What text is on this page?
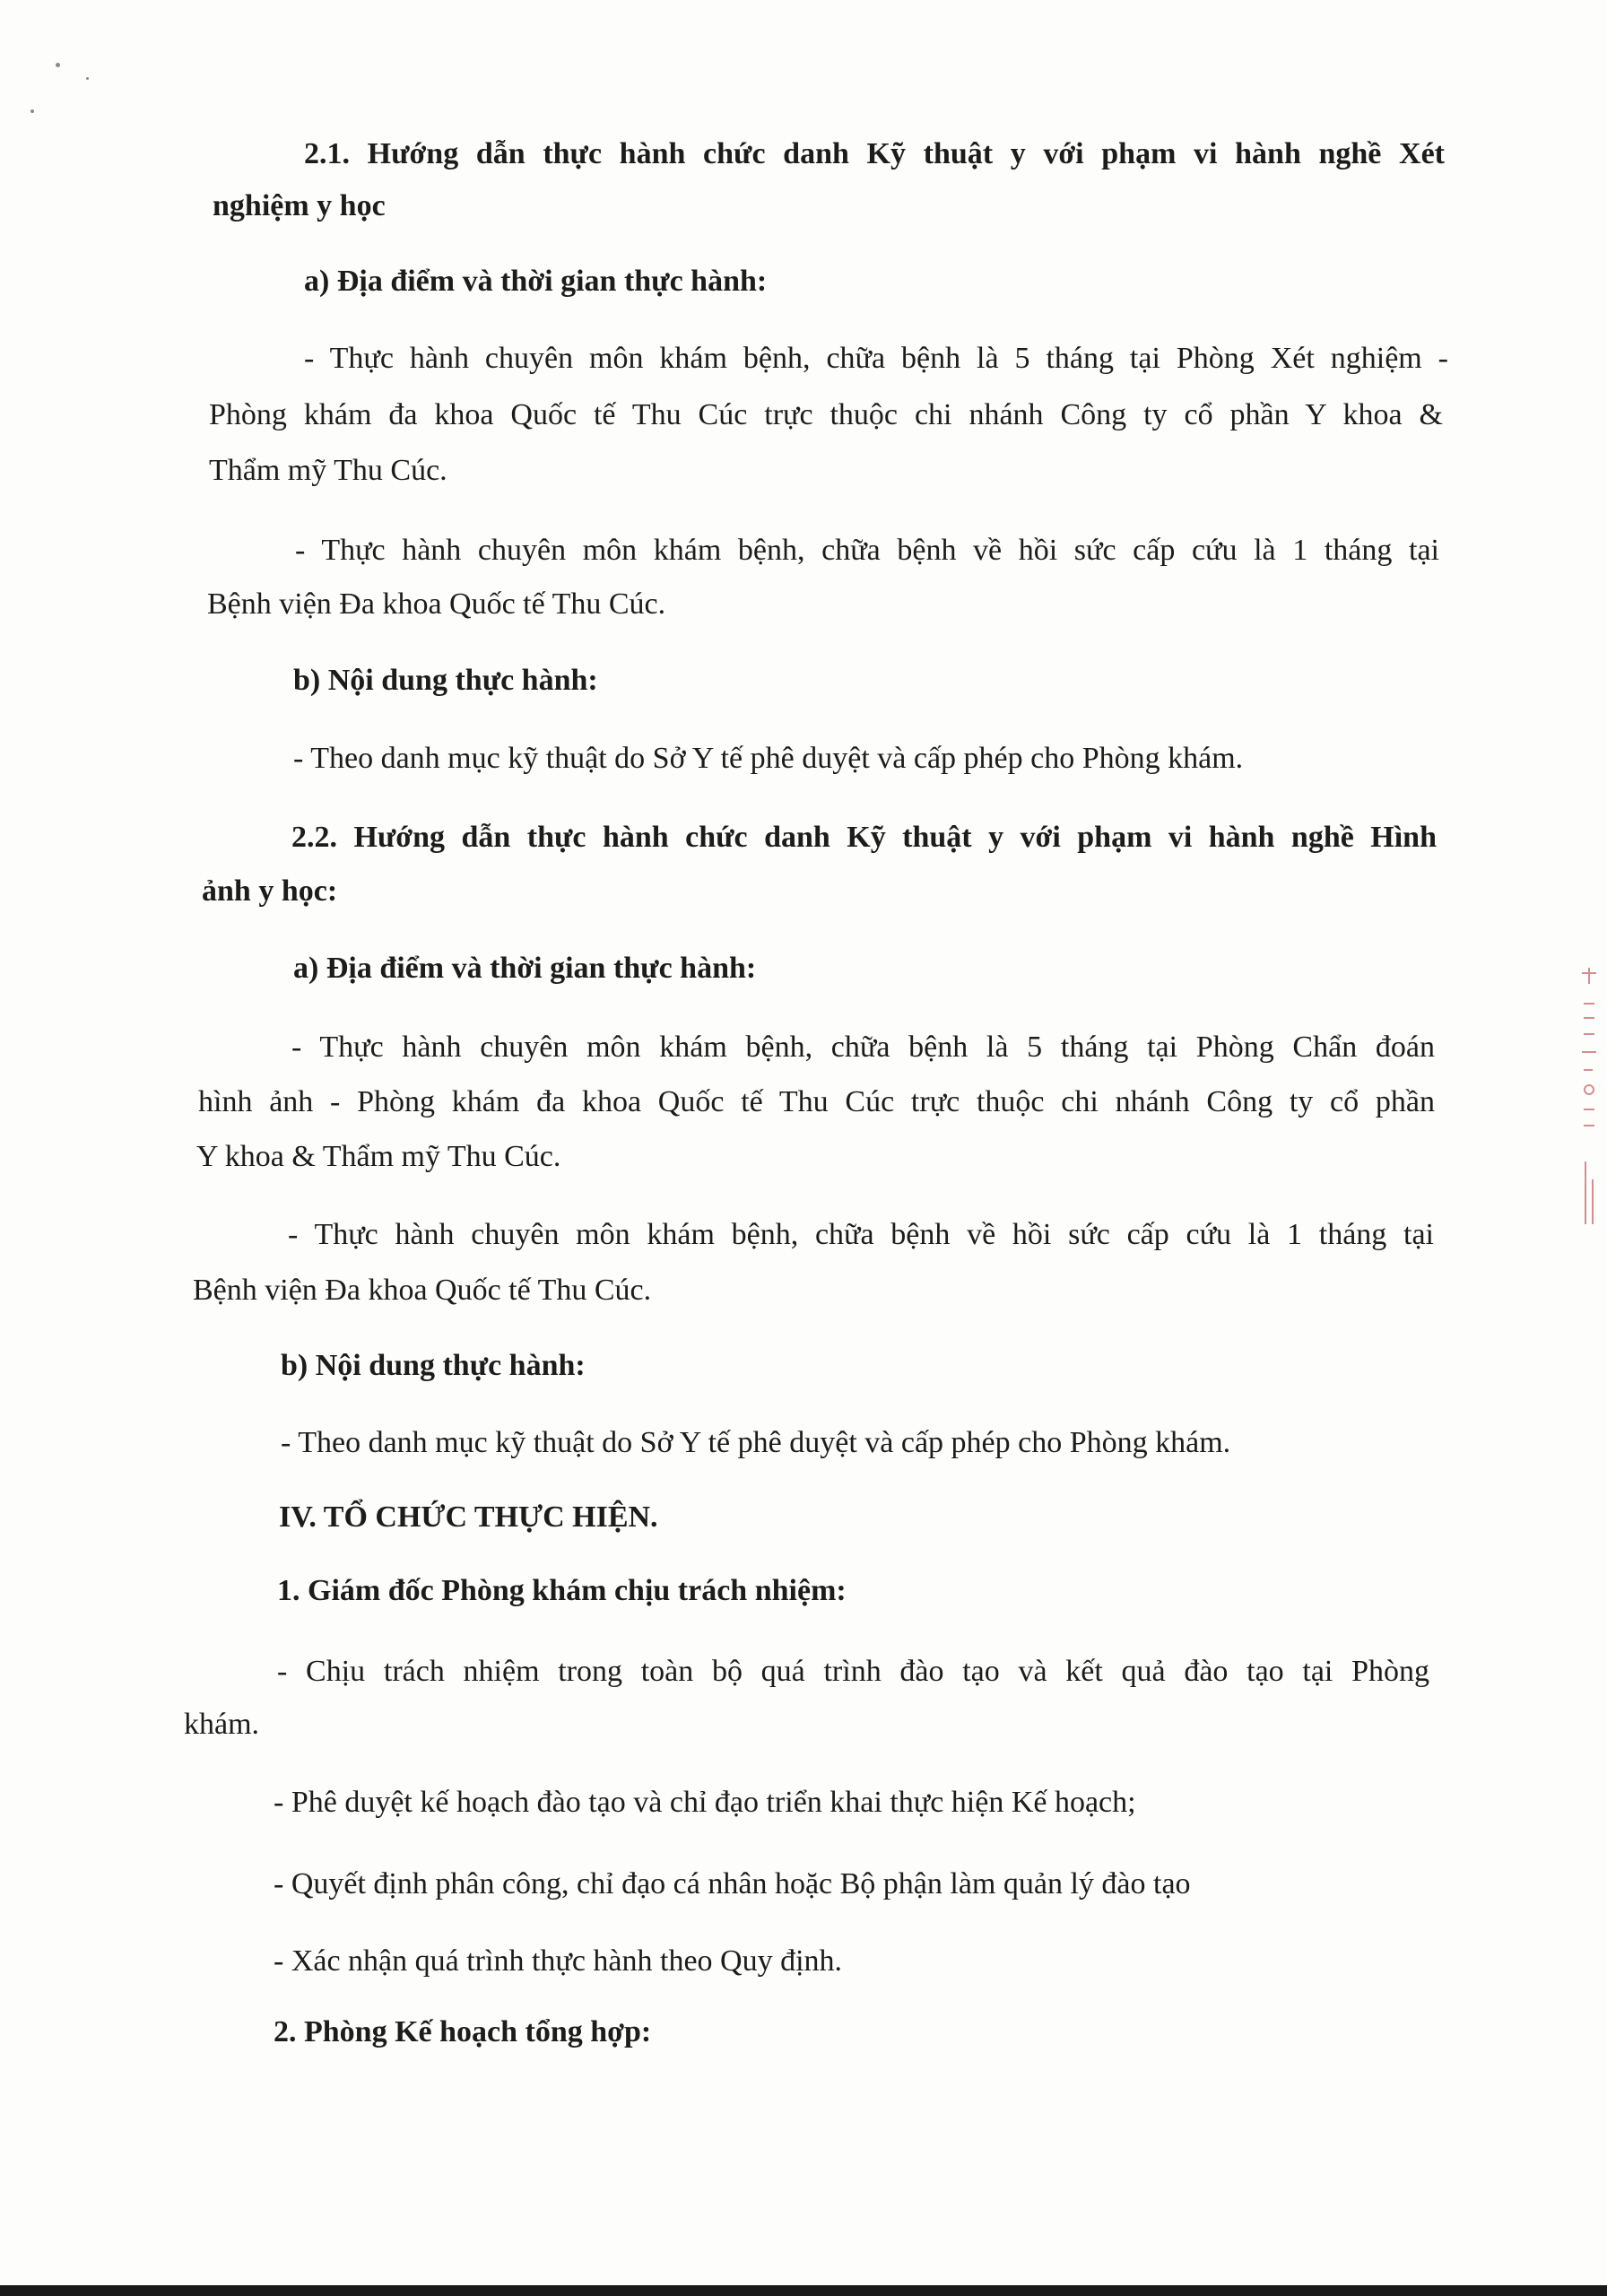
2.1. Hướng dẫn thực hành chức danh Kỹ thuật y với phạm vi hành nghề Xét
nghiệm y học
a) Địa điểm và thời gian thực hành:
- Thực hành chuyên môn khám bệnh, chữa bệnh là 5 tháng tại Phòng Xét nghiệm -
Phòng khám đa khoa Quốc tế Thu Cúc trực thuộc chi nhánh Công ty cổ phần Y khoa &
Thẩm mỹ Thu Cúc.
- Thực hành chuyên môn khám bệnh, chữa bệnh về hồi sức cấp cứu là 1 tháng tại
Bệnh viện Đa khoa Quốc tế Thu Cúc.
b) Nội dung thực hành:
- Theo danh mục kỹ thuật do Sở Y tế phê duyệt và cấp phép cho Phòng khám.
2.2. Hướng dẫn thực hành chức danh Kỹ thuật y với phạm vi hành nghề Hình
ảnh y học:
a) Địa điểm và thời gian thực hành:
- Thực hành chuyên môn khám bệnh, chữa bệnh là 5 tháng tại Phòng Chẩn đoán
hình ảnh - Phòng khám đa khoa Quốc tế Thu Cúc trực thuộc chi nhánh Công ty cổ phần
Y khoa & Thẩm mỹ Thu Cúc.
- Thực hành chuyên môn khám bệnh, chữa bệnh về hồi sức cấp cứu là 1 tháng tại
Bệnh viện Đa khoa Quốc tế Thu Cúc.
b) Nội dung thực hành:
- Theo danh mục kỹ thuật do Sở Y tế phê duyệt và cấp phép cho Phòng khám.
IV. TỔ CHỨC THỰC HIỆN.
1. Giám đốc Phòng khám chịu trách nhiệm:
- Chịu trách nhiệm trong toàn bộ quá trình đào tạo và kết quả đào tạo tại Phòng
khám.
- Phê duyệt kế hoạch đào tạo và chỉ đạo triển khai thực hiện Kế hoạch;
- Quyết định phân công, chỉ đạo cá nhân hoặc Bộ phận làm quản lý đào tạo
- Xác nhận quá trình thực hành theo Quy định.
2. Phòng Kế hoạch tổng hợp:
